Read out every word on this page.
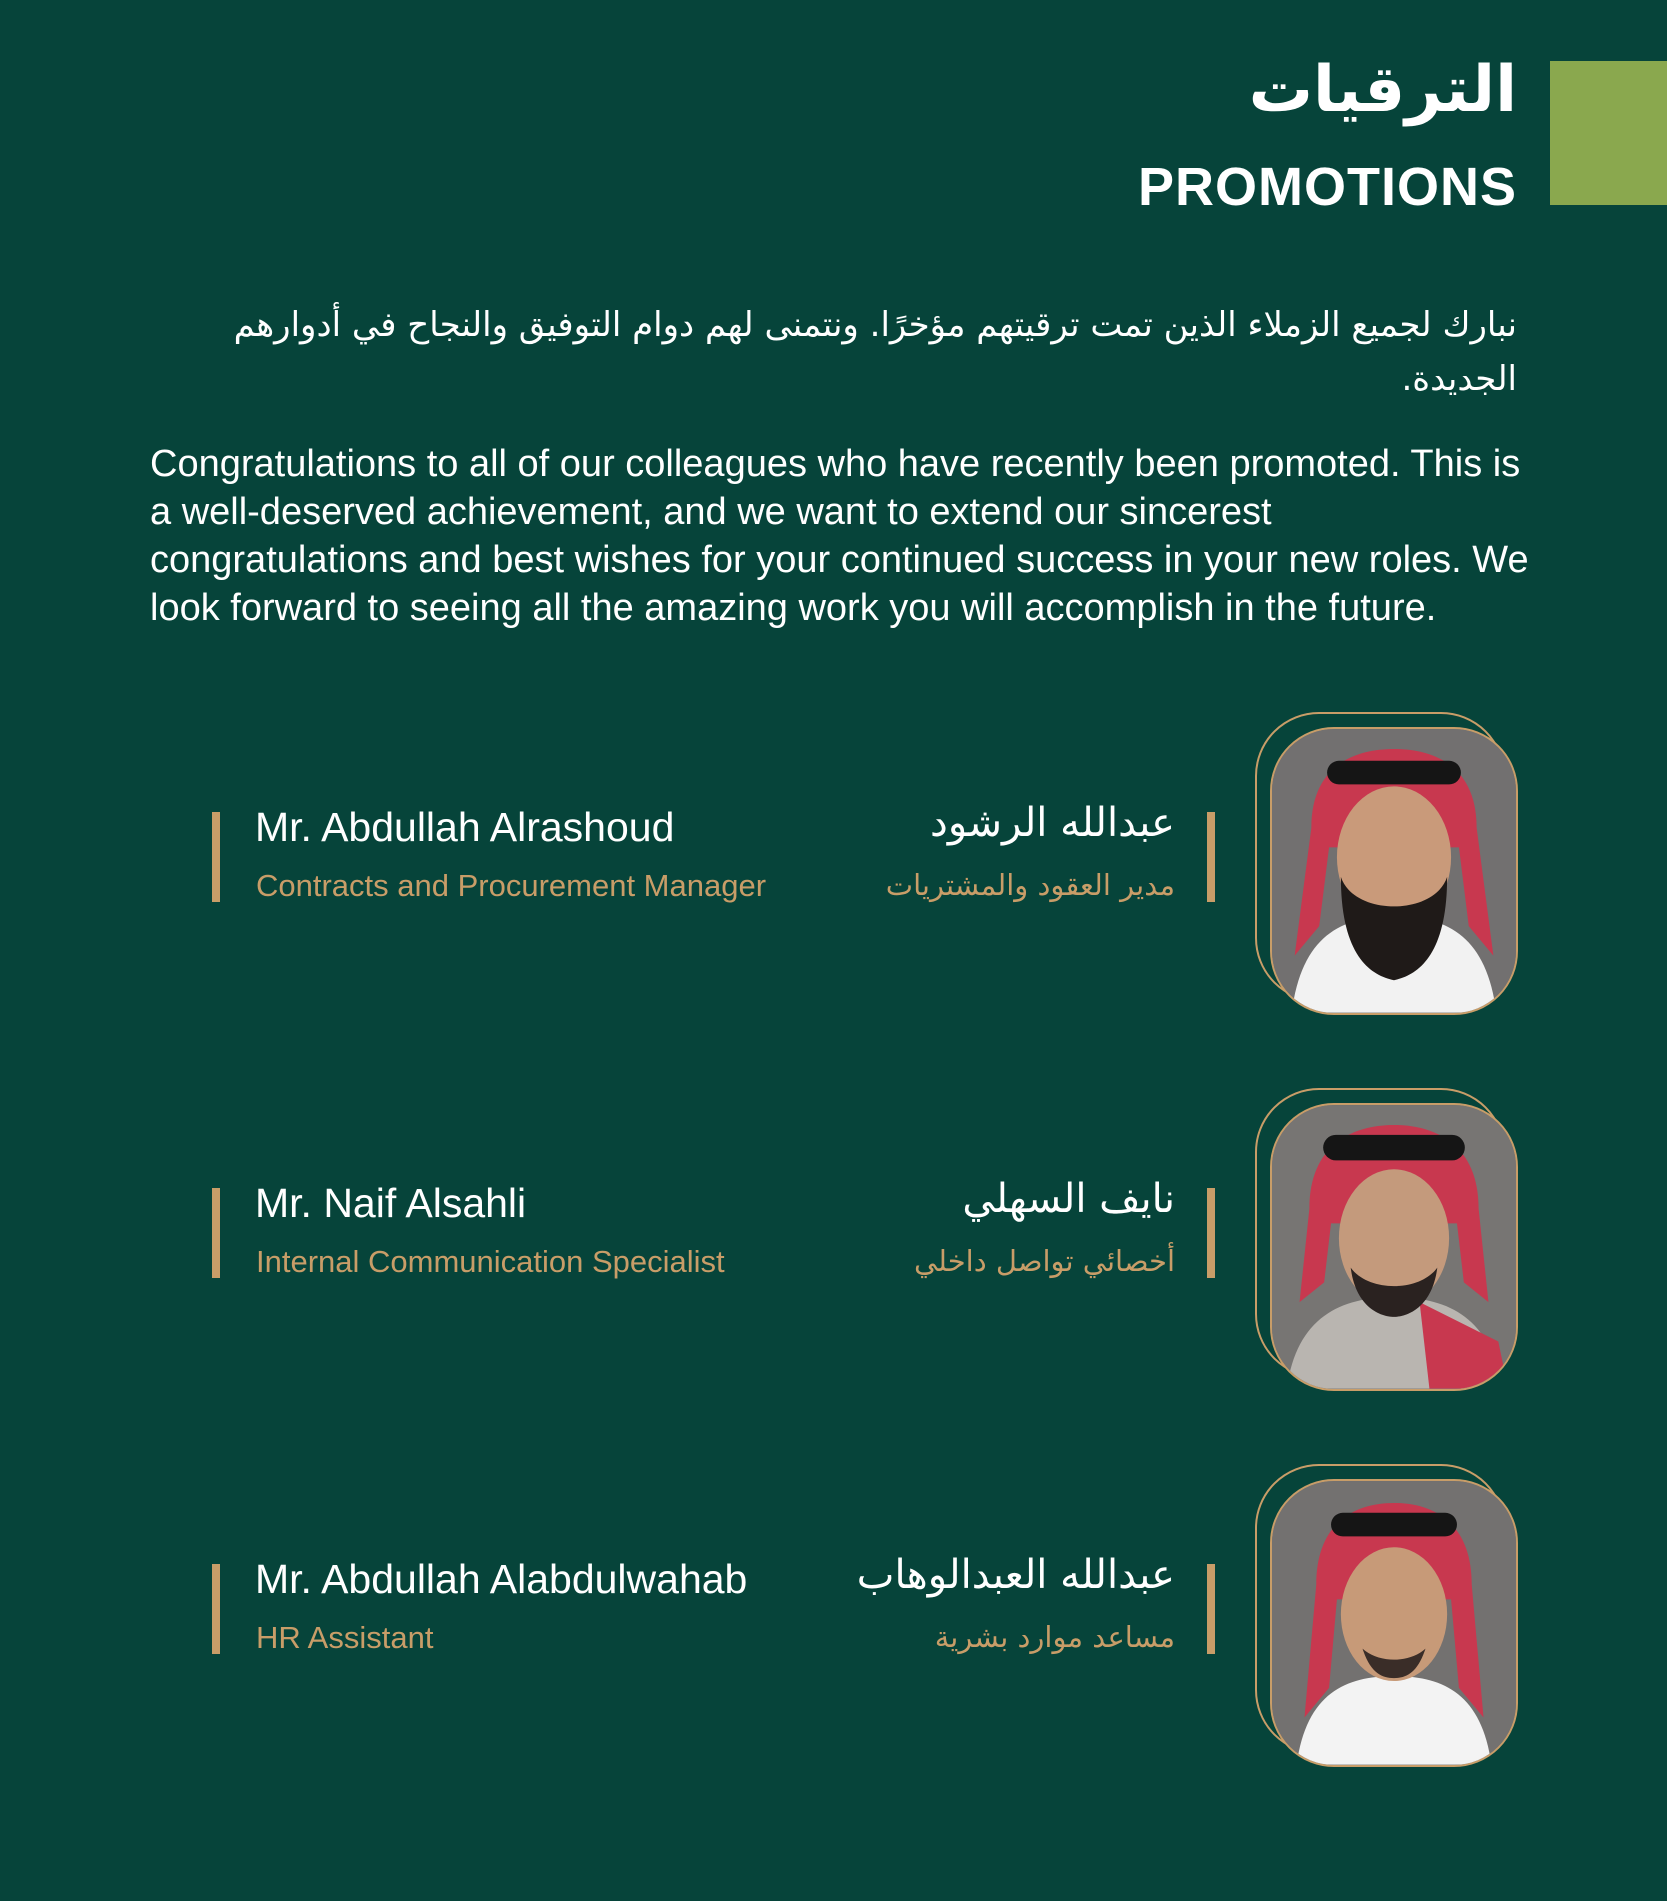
الترقيات
PROMOTIONS
نبارك لجميع الزملاء الذين تمت ترقيتهم مؤخرًا. ونتمنى لهم دوام التوفيق والنجاح في أدوارهم الجديدة.
Congratulations to all of our colleagues who have recently been promoted. This is a well-deserved achievement, and we want to extend our sincerest congratulations and best wishes for your continued success in your new roles. We look forward to seeing all the amazing work you will accomplish in the future.
Mr. Abdullah Alrashoud
Contracts and Procurement Manager
عبدالله الرشود
مدير العقود والمشتريات
Mr. Naif Alsahli
Internal Communication Specialist
نايف السهلي
أخصائي تواصل داخلي
Mr. Abdullah Alabdulwahab
HR Assistant
عبدالله العبدالوهاب
مساعد موارد بشرية
